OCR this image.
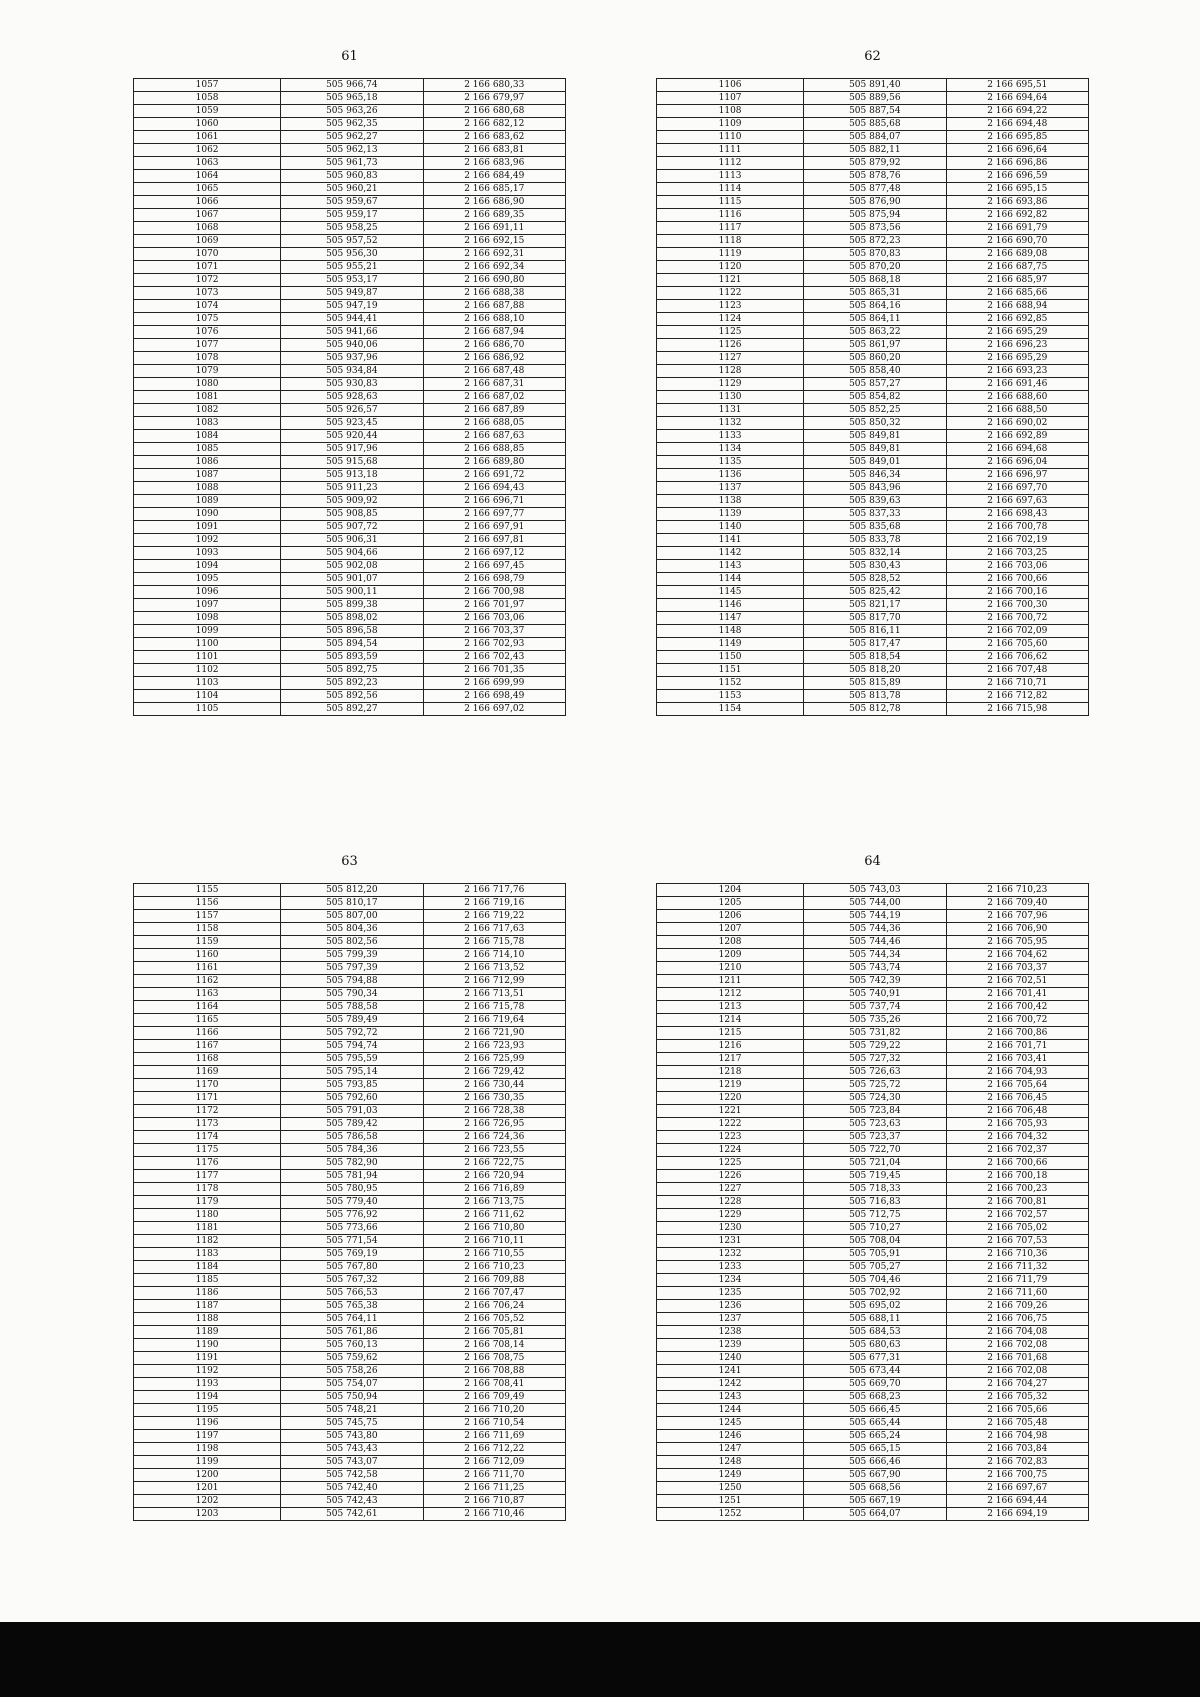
61
1057	505 966,74	2 166 680,33
1058	505 965,18	2 166 679,97
1059	505 963,26	2 166 680,68
1060	505 962,35	2 166 682,12
1061	505 962,27	2 166 683,62
1062	505 962,13	2 166 683,81
1063	505 961,73	2 166 683,96
1064	505 960,83	2 166 684,49
1065	505 960,21	2 166 685,17
1066	505 959,67	2 166 686,90
1067	505 959,17	2 166 689,35
1068	505 958,25	2 166 691,11
1069	505 957,52	2 166 692,15
1070	505 956,30	2 166 692,31
1071	505 955,21	2 166 692,34
1072	505 953,17	2 166 690,80
1073	505 949,87	2 166 688,38
1074	505 947,19	2 166 687,88
1075	505 944,41	2 166 688,10
1076	505 941,66	2 166 687,94
1077	505 940,06	2 166 686,70
1078	505 937,96	2 166 686,92
1079	505 934,84	2 166 687,48
1080	505 930,83	2 166 687,31
1081	505 928,63	2 166 687,02
1082	505 926,57	2 166 687,89
1083	505 923,45	2 166 688,05
1084	505 920,44	2 166 687,63
1085	505 917,96	2 166 688,85
1086	505 915,68	2 166 689,80
1087	505 913,18	2 166 691,72
1088	505 911,23	2 166 694,43
1089	505 909,92	2 166 696,71
1090	505 908,85	2 166 697,77
1091	505 907,72	2 166 697,91
1092	505 906,31	2 166 697,81
1093	505 904,66	2 166 697,12
1094	505 902,08	2 166 697,45
1095	505 901,07	2 166 698,79
1096	505 900,11	2 166 700,98
1097	505 899,38	2 166 701,97
1098	505 898,02	2 166 703,06
1099	505 896,58	2 166 703,37
1100	505 894,54	2 166 702,93
1101	505 893,59	2 166 702,43
1102	505 892,75	2 166 701,35
1103	505 892,23	2 166 699,99
1104	505 892,56	2 166 698,49
1105	505 892,27	2 166 697,02
62
1106	505 891,40	2 166 695,51
1107	505 889,56	2 166 694,64
1108	505 887,54	2 166 694,22
1109	505 885,68	2 166 694,48
1110	505 884,07	2 166 695,85
1111	505 882,11	2 166 696,64
1112	505 879,92	2 166 696,86
1113	505 878,76	2 166 696,59
1114	505 877,48	2 166 695,15
1115	505 876,90	2 166 693,86
1116	505 875,94	2 166 692,82
1117	505 873,56	2 166 691,79
1118	505 872,23	2 166 690,70
1119	505 870,83	2 166 689,08
1120	505 870,20	2 166 687,75
1121	505 868,18	2 166 685,97
1122	505 865,31	2 166 685,66
1123	505 864,16	2 166 688,94
1124	505 864,11	2 166 692,85
1125	505 863,22	2 166 695,29
1126	505 861,97	2 166 696,23
1127	505 860,20	2 166 695,29
1128	505 858,40	2 166 693,23
1129	505 857,27	2 166 691,46
1130	505 854,82	2 166 688,60
1131	505 852,25	2 166 688,50
1132	505 850,32	2 166 690,02
1133	505 849,81	2 166 692,89
1134	505 849,81	2 166 694,68
1135	505 849,01	2 166 696,04
1136	505 846,34	2 166 696,97
1137	505 843,96	2 166 697,70
1138	505 839,63	2 166 697,63
1139	505 837,33	2 166 698,43
1140	505 835,68	2 166 700,78
1141	505 833,78	2 166 702,19
1142	505 832,14	2 166 703,25
1143	505 830,43	2 166 703,06
1144	505 828,52	2 166 700,66
1145	505 825,42	2 166 700,16
1146	505 821,17	2 166 700,30
1147	505 817,70	2 166 700,72
1148	505 816,11	2 166 702,09
1149	505 817,47	2 166 705,60
1150	505 818,54	2 166 706,62
1151	505 818,20	2 166 707,48
1152	505 815,89	2 166 710,71
1153	505 813,78	2 166 712,82
1154	505 812,78	2 166 715,98
63
1155	505 812,20	2 166 717,76
1156	505 810,17	2 166 719,16
1157	505 807,00	2 166 719,22
1158	505 804,36	2 166 717,63
1159	505 802,56	2 166 715,78
1160	505 799,39	2 166 714,10
1161	505 797,39	2 166 713,52
1162	505 794,88	2 166 712,99
1163	505 790,34	2 166 713,51
1164	505 788,58	2 166 715,78
1165	505 789,49	2 166 719,64
1166	505 792,72	2 166 721,90
1167	505 794,74	2 166 723,93
1168	505 795,59	2 166 725,99
1169	505 795,14	2 166 729,42
1170	505 793,85	2 166 730,44
1171	505 792,60	2 166 730,35
1172	505 791,03	2 166 728,38
1173	505 789,42	2 166 726,95
1174	505 786,58	2 166 724,36
1175	505 784,36	2 166 723,55
1176	505 782,90	2 166 722,75
1177	505 781,94	2 166 720,94
1178	505 780,95	2 166 716,89
1179	505 779,40	2 166 713,75
1180	505 776,92	2 166 711,62
1181	505 773,66	2 166 710,80
1182	505 771,54	2 166 710,11
1183	505 769,19	2 166 710,55
1184	505 767,80	2 166 710,23
1185	505 767,32	2 166 709,88
1186	505 766,53	2 166 707,47
1187	505 765,38	2 166 706,24
1188	505 764,11	2 166 705,52
1189	505 761,86	2 166 705,81
1190	505 760,13	2 166 708,14
1191	505 759,62	2 166 708,75
1192	505 758,26	2 166 708,88
1193	505 754,07	2 166 708,41
1194	505 750,94	2 166 709,49
1195	505 748,21	2 166 710,20
1196	505 745,75	2 166 710,54
1197	505 743,80	2 166 711,69
1198	505 743,43	2 166 712,22
1199	505 743,07	2 166 712,09
1200	505 742,58	2 166 711,70
1201	505 742,40	2 166 711,25
1202	505 742,43	2 166 710,87
1203	505 742,61	2 166 710,46
64
1204	505 743,03	2 166 710,23
1205	505 744,00	2 166 709,40
1206	505 744,19	2 166 707,96
1207	505 744,36	2 166 706,90
1208	505 744,46	2 166 705,95
1209	505 744,34	2 166 704,62
1210	505 743,74	2 166 703,37
1211	505 742,39	2 166 702,51
1212	505 740,91	2 166 701,41
1213	505 737,74	2 166 700,42
1214	505 735,26	2 166 700,72
1215	505 731,82	2 166 700,86
1216	505 729,22	2 166 701,71
1217	505 727,32	2 166 703,41
1218	505 726,63	2 166 704,93
1219	505 725,72	2 166 705,64
1220	505 724,30	2 166 706,45
1221	505 723,84	2 166 706,48
1222	505 723,63	2 166 705,93
1223	505 723,37	2 166 704,32
1224	505 722,70	2 166 702,37
1225	505 721,04	2 166 700,66
1226	505 719,45	2 166 700,18
1227	505 718,33	2 166 700,23
1228	505 716,83	2 166 700,81
1229	505 712,75	2 166 702,57
1230	505 710,27	2 166 705,02
1231	505 708,04	2 166 707,53
1232	505 705,91	2 166 710,36
1233	505 705,27	2 166 711,32
1234	505 704,46	2 166 711,79
1235	505 702,92	2 166 711,60
1236	505 695,02	2 166 709,26
1237	505 688,11	2 166 706,75
1238	505 684,53	2 166 704,08
1239	505 680,63	2 166 702,08
1240	505 677,31	2 166 701,68
1241	505 673,44	2 166 702,08
1242	505 669,70	2 166 704,27
1243	505 668,23	2 166 705,32
1244	505 666,45	2 166 705,66
1245	505 665,44	2 166 705,48
1246	505 665,24	2 166 704,98
1247	505 665,15	2 166 703,84
1248	505 666,46	2 166 702,83
1249	505 667,90	2 166 700,75
1250	505 668,56	2 166 697,67
1251	505 667,19	2 166 694,44
1252	505 664,07	2 166 694,19
